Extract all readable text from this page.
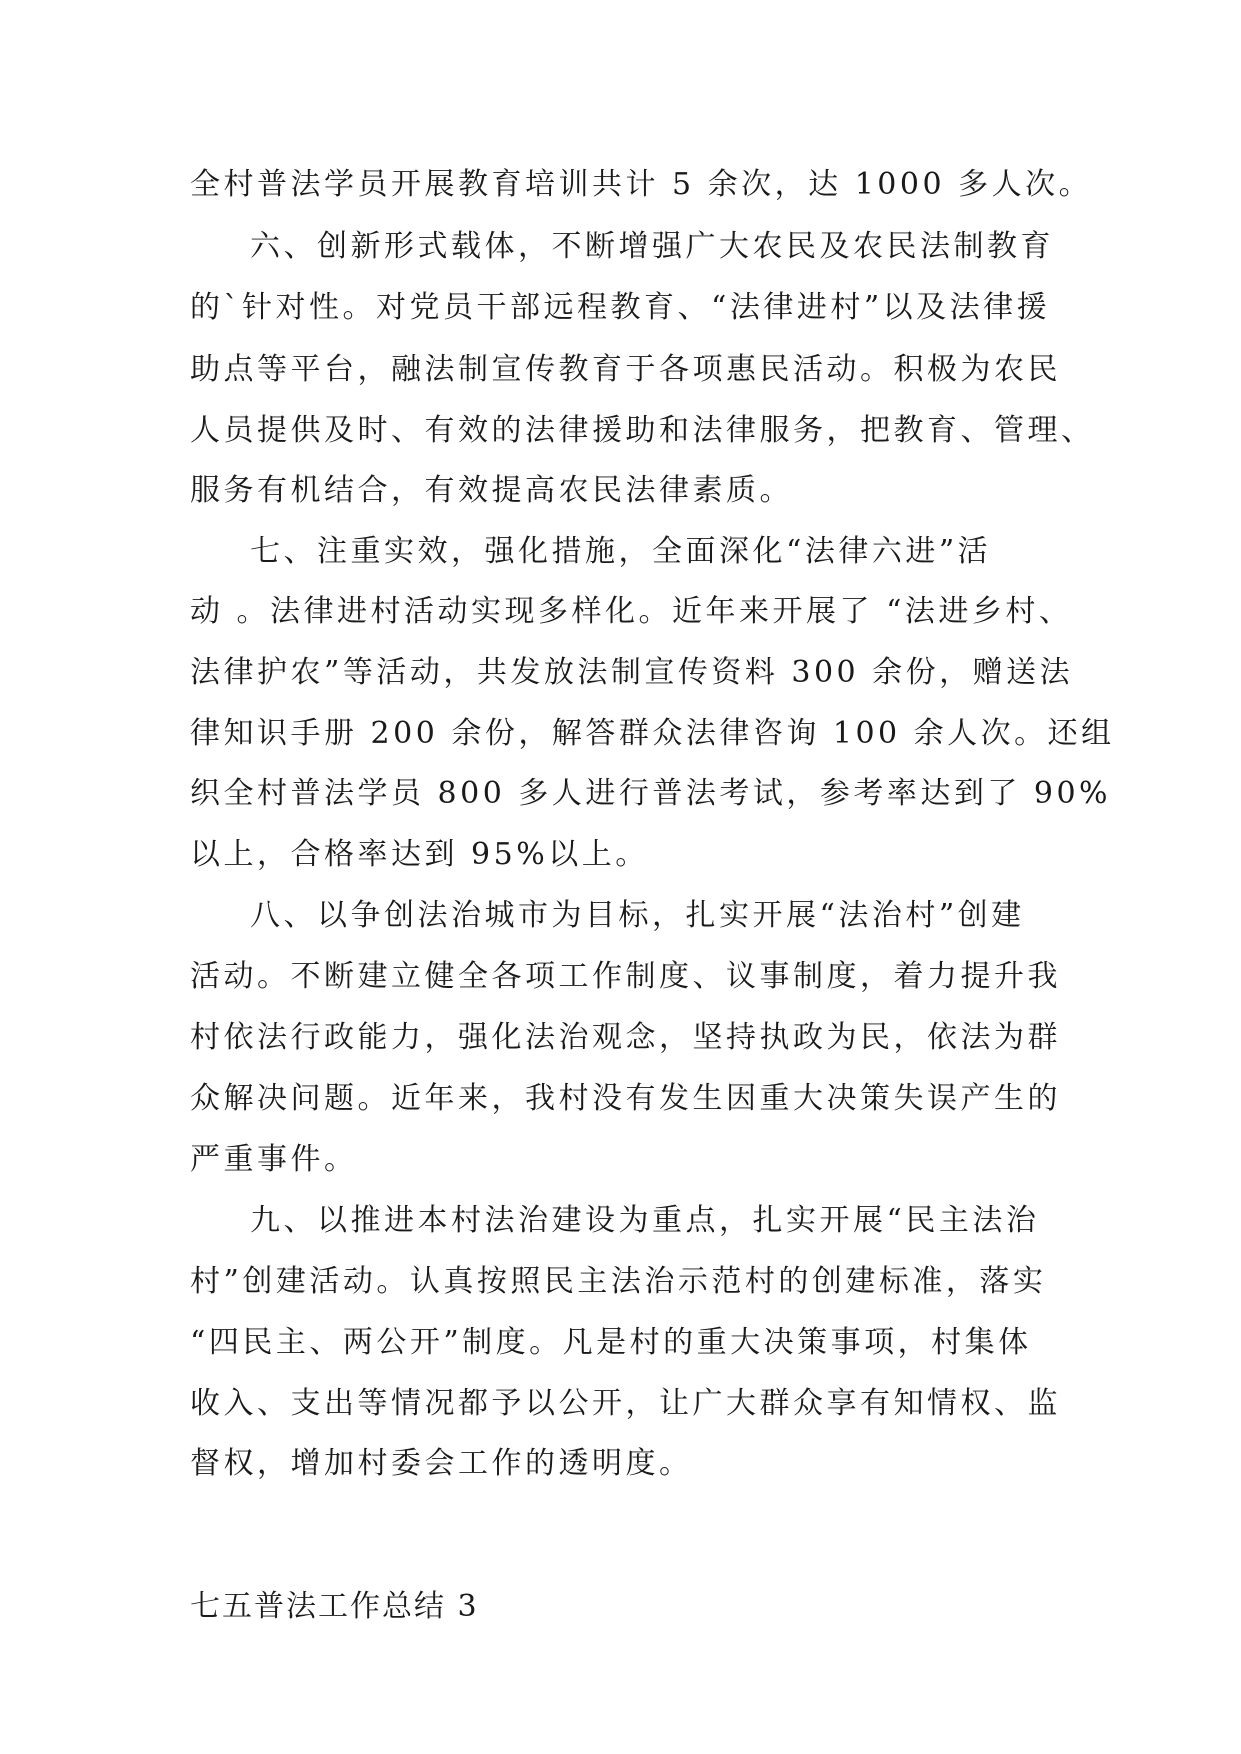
全村普法学员开展教育培训共计 5 余次，达 1000 多人次。
六、创新形式载体，不断增强广大农民及农民法制教育
的`针对性。对党员干部远程教育、“法律进村”以及法律援
助点等平台，融法制宣传教育于各项惠民活动。积极为农民
人员提供及时、有效的法律援助和法律服务，把教育、管理、
服务有机结合，有效提高农民法律素质。
七、注重实效，强化措施，全面深化“法律六进”活
动 。法律进村活动实现多样化。近年来开展了 “法进乡村、
法律护农”等活动，共发放法制宣传资料 300 余份，赠送法
律知识手册 200 余份，解答群众法律咨询 100 余人次。还组
织全村普法学员 800 多人进行普法考试，参考率达到了 90%
以上，合格率达到 95%以上。
八、以争创法治城市为目标，扎实开展“法治村”创建
活动。不断建立健全各项工作制度、议事制度，着力提升我
村依法行政能力，强化法治观念，坚持执政为民，依法为群
众解决问题。近年来，我村没有发生因重大决策失误产生的
严重事件。
九、以推进本村法治建设为重点，扎实开展“民主法治
村”创建活动。认真按照民主法治示范村的创建标准，落实
“四民主、两公开”制度。凡是村的重大决策事项，村集体
收入、支出等情况都予以公开，让广大群众享有知情权、监
督权，增加村委会工作的透明度。
七五普法工作总结 3
